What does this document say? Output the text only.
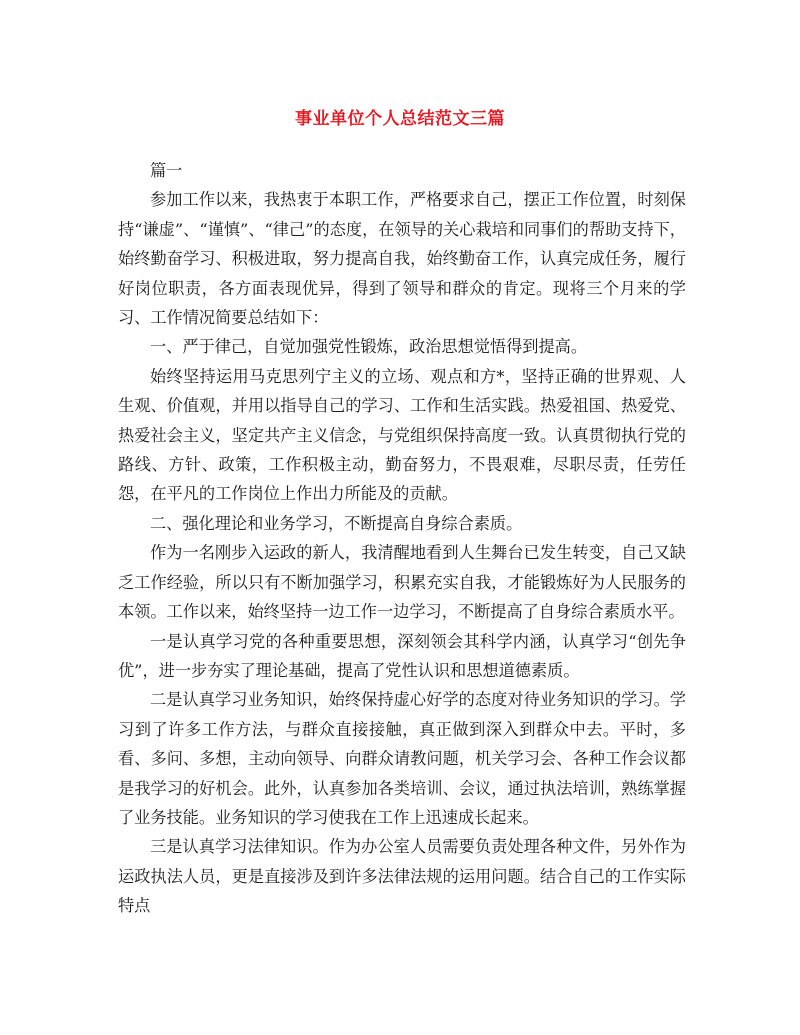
事业单位个人总结范文三篇

篇一

参加工作以来，我热衷于本职工作，严格要求自己，摆正工作位置，时刻保持“谦虚”、“谨慎”、“律己”的态度，在领导的关心栽培和同事们的帮助支持下，始终勤奋学习、积极进取，努力提高自我，始终勤奋工作，认真完成任务，履行好岗位职责，各方面表现优异，得到了领导和群众的肯定。现将三个月来的学习、工作情况简要总结如下：

一、严于律己，自觉加强党性锻炼，政治思想觉悟得到提高。

始终坚持运用马克思列宁主义的立场、观点和方*，坚持正确的世界观、人生观、价值观，并用以指导自己的学习、工作和生活实践。热爱祖国、热爱党、热爱社会主义，坚定共产主义信念，与党组织保持高度一致。认真贯彻执行党的路线、方针、政策，工作积极主动，勤奋努力，不畏艰难，尽职尽责，任劳任怨，在平凡的工作岗位上作出力所能及的贡献。

二、强化理论和业务学习，不断提高自身综合素质。

作为一名刚步入运政的新人，我清醒地看到人生舞台已发生转变，自己又缺乏工作经验，所以只有不断加强学习，积累充实自我，才能锻炼好为人民服务的本领。工作以来，始终坚持一边工作一边学习，不断提高了自身综合素质水平。

一是认真学习党的各种重要思想，深刻领会其科学内涵，认真学习“创先争优”，进一步夯实了理论基础，提高了党性认识和思想道德素质。

二是认真学习业务知识，始终保持虚心好学的态度对待业务知识的学习。学习到了许多工作方法，与群众直接接触，真正做到深入到群众中去。平时，多看、多问、多想，主动向领导、向群众请教问题，机关学习会、各种工作会议都是我学习的好机会。此外，认真参加各类培训、会议，通过执法培训，熟练掌握了业务技能。业务知识的学习使我在工作上迅速成长起来。

三是认真学习法律知识。作为办公室人员需要负责处理各种文件，另外作为运政执法人员，更是直接涉及到许多法律法规的运用问题。结合自己的工作实际特点
